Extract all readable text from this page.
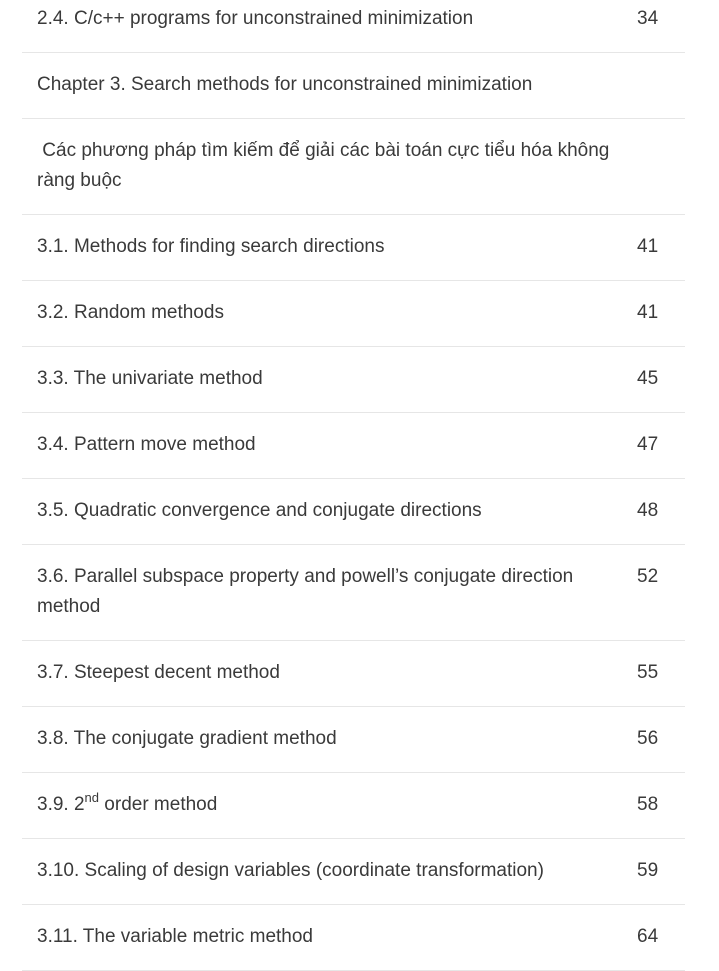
2.4. C/c++ programs for unconstrained minimization	34
Chapter 3. Search methods for unconstrained minimization	
Các phương pháp tìm kiếm để giải các bài toán cực tiểu hóa không ràng buộc	
3.1. Methods for finding search directions	41
3.2. Random methods	41
3.3. The univariate method	45
3.4. Pattern move method	47
3.5. Quadratic convergence and conjugate directions	48
3.6. Parallel subspace property and powell’s conjugate direction method	52
3.7. Steepest decent method	55
3.8. The conjugate gradient method	56
3.9. 2nd order method	58
3.10. Scaling of design variables (coordinate transformation)	59
3.11. The variable metric method	64
